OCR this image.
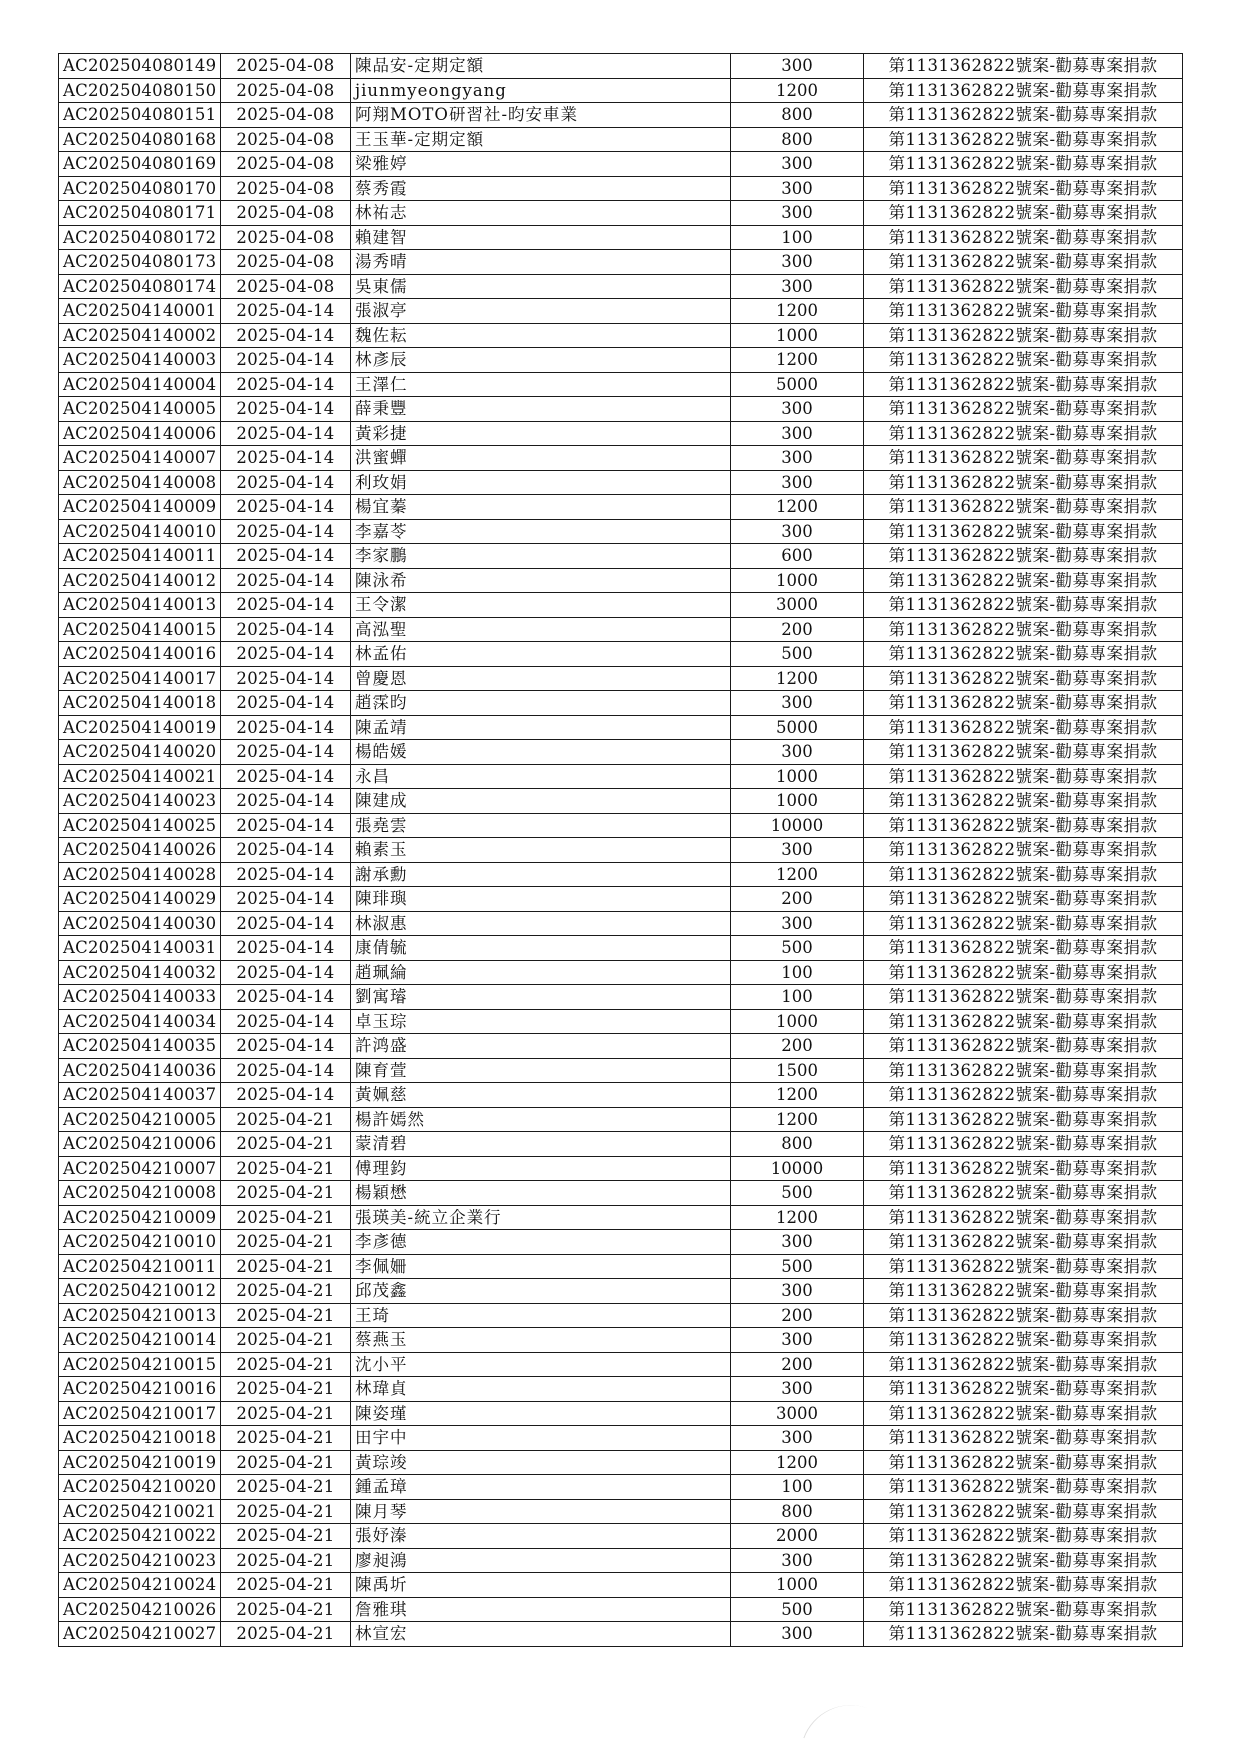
AC202504080149	2025-04-08	陳品安-定期定額	300	第1131362822號案-勸募專案捐款
AC202504080150	2025-04-08	jiunmyeongyang	1200	第1131362822號案-勸募專案捐款
AC202504080151	2025-04-08	阿翔MOTO研習社-昀安車業	800	第1131362822號案-勸募專案捐款
AC202504080168	2025-04-08	王玉華-定期定額	800	第1131362822號案-勸募專案捐款
AC202504080169	2025-04-08	梁雅婷	300	第1131362822號案-勸募專案捐款
AC202504080170	2025-04-08	蔡秀霞	300	第1131362822號案-勸募專案捐款
AC202504080171	2025-04-08	林祐志	300	第1131362822號案-勸募專案捐款
AC202504080172	2025-04-08	賴建智	100	第1131362822號案-勸募專案捐款
AC202504080173	2025-04-08	湯秀晴	300	第1131362822號案-勸募專案捐款
AC202504080174	2025-04-08	吳東儒	300	第1131362822號案-勸募專案捐款
AC202504140001	2025-04-14	張淑亭	1200	第1131362822號案-勸募專案捐款
AC202504140002	2025-04-14	魏佐耘	1000	第1131362822號案-勸募專案捐款
AC202504140003	2025-04-14	林彥辰	1200	第1131362822號案-勸募專案捐款
AC202504140004	2025-04-14	王澤仁	5000	第1131362822號案-勸募專案捐款
AC202504140005	2025-04-14	薛秉豐	300	第1131362822號案-勸募專案捐款
AC202504140006	2025-04-14	黃彩捷	300	第1131362822號案-勸募專案捐款
AC202504140007	2025-04-14	洪蜜蟬	300	第1131362822號案-勸募專案捐款
AC202504140008	2025-04-14	利玫娟	300	第1131362822號案-勸募專案捐款
AC202504140009	2025-04-14	楊宜蓁	1200	第1131362822號案-勸募專案捐款
AC202504140010	2025-04-14	李嘉苓	300	第1131362822號案-勸募專案捐款
AC202504140011	2025-04-14	李家鵬	600	第1131362822號案-勸募專案捐款
AC202504140012	2025-04-14	陳泳希	1000	第1131362822號案-勸募專案捐款
AC202504140013	2025-04-14	王令潔	3000	第1131362822號案-勸募專案捐款
AC202504140015	2025-04-14	高泓聖	200	第1131362822號案-勸募專案捐款
AC202504140016	2025-04-14	林孟佑	500	第1131362822號案-勸募專案捐款
AC202504140017	2025-04-14	曾慶恩	1200	第1131362822號案-勸募專案捐款
AC202504140018	2025-04-14	趙霂昀	300	第1131362822號案-勸募專案捐款
AC202504140019	2025-04-14	陳孟靖	5000	第1131362822號案-勸募專案捐款
AC202504140020	2025-04-14	楊皓媛	300	第1131362822號案-勸募專案捐款
AC202504140021	2025-04-14	永昌	1000	第1131362822號案-勸募專案捐款
AC202504140023	2025-04-14	陳建成	1000	第1131362822號案-勸募專案捐款
AC202504140025	2025-04-14	張堯雲	10000	第1131362822號案-勸募專案捐款
AC202504140026	2025-04-14	賴素玉	300	第1131362822號案-勸募專案捐款
AC202504140028	2025-04-14	謝承勳	1200	第1131362822號案-勸募專案捐款
AC202504140029	2025-04-14	陳琲璵	200	第1131362822號案-勸募專案捐款
AC202504140030	2025-04-14	林淑惠	300	第1131362822號案-勸募專案捐款
AC202504140031	2025-04-14	康倩毓	500	第1131362822號案-勸募專案捐款
AC202504140032	2025-04-14	趙珮綸	100	第1131362822號案-勸募專案捐款
AC202504140033	2025-04-14	劉寓璿	100	第1131362822號案-勸募專案捐款
AC202504140034	2025-04-14	卓玉琮	1000	第1131362822號案-勸募專案捐款
AC202504140035	2025-04-14	許鸿盛	200	第1131362822號案-勸募專案捐款
AC202504140036	2025-04-14	陳育萱	1500	第1131362822號案-勸募專案捐款
AC202504140037	2025-04-14	黃姵慈	1200	第1131362822號案-勸募專案捐款
AC202504210005	2025-04-21	楊許嫣然	1200	第1131362822號案-勸募專案捐款
AC202504210006	2025-04-21	蒙清碧	800	第1131362822號案-勸募專案捐款
AC202504210007	2025-04-21	傅理鈞	10000	第1131362822號案-勸募專案捐款
AC202504210008	2025-04-21	楊穎懋	500	第1131362822號案-勸募專案捐款
AC202504210009	2025-04-21	張瑛美-統立企業行	1200	第1131362822號案-勸募專案捐款
AC202504210010	2025-04-21	李彥德	300	第1131362822號案-勸募專案捐款
AC202504210011	2025-04-21	李佩姍	500	第1131362822號案-勸募專案捐款
AC202504210012	2025-04-21	邱茂鑫	300	第1131362822號案-勸募專案捐款
AC202504210013	2025-04-21	王琦	200	第1131362822號案-勸募專案捐款
AC202504210014	2025-04-21	蔡燕玉	300	第1131362822號案-勸募專案捐款
AC202504210015	2025-04-21	沈小平	200	第1131362822號案-勸募專案捐款
AC202504210016	2025-04-21	林瑋貞	300	第1131362822號案-勸募專案捐款
AC202504210017	2025-04-21	陳姿瑾	3000	第1131362822號案-勸募專案捐款
AC202504210018	2025-04-21	田宇中	300	第1131362822號案-勸募專案捐款
AC202504210019	2025-04-21	黃琮竣	1200	第1131362822號案-勸募專案捐款
AC202504210020	2025-04-21	鍾孟璋	100	第1131362822號案-勸募專案捐款
AC202504210021	2025-04-21	陳月琴	800	第1131362822號案-勸募專案捐款
AC202504210022	2025-04-21	張妤溱	2000	第1131362822號案-勸募專案捐款
AC202504210023	2025-04-21	廖昶鴻	300	第1131362822號案-勸募專案捐款
AC202504210024	2025-04-21	陳禹圻	1000	第1131362822號案-勸募專案捐款
AC202504210026	2025-04-21	詹雅琪	500	第1131362822號案-勸募專案捐款
AC202504210027	2025-04-21	林宣宏	300	第1131362822號案-勸募專案捐款
